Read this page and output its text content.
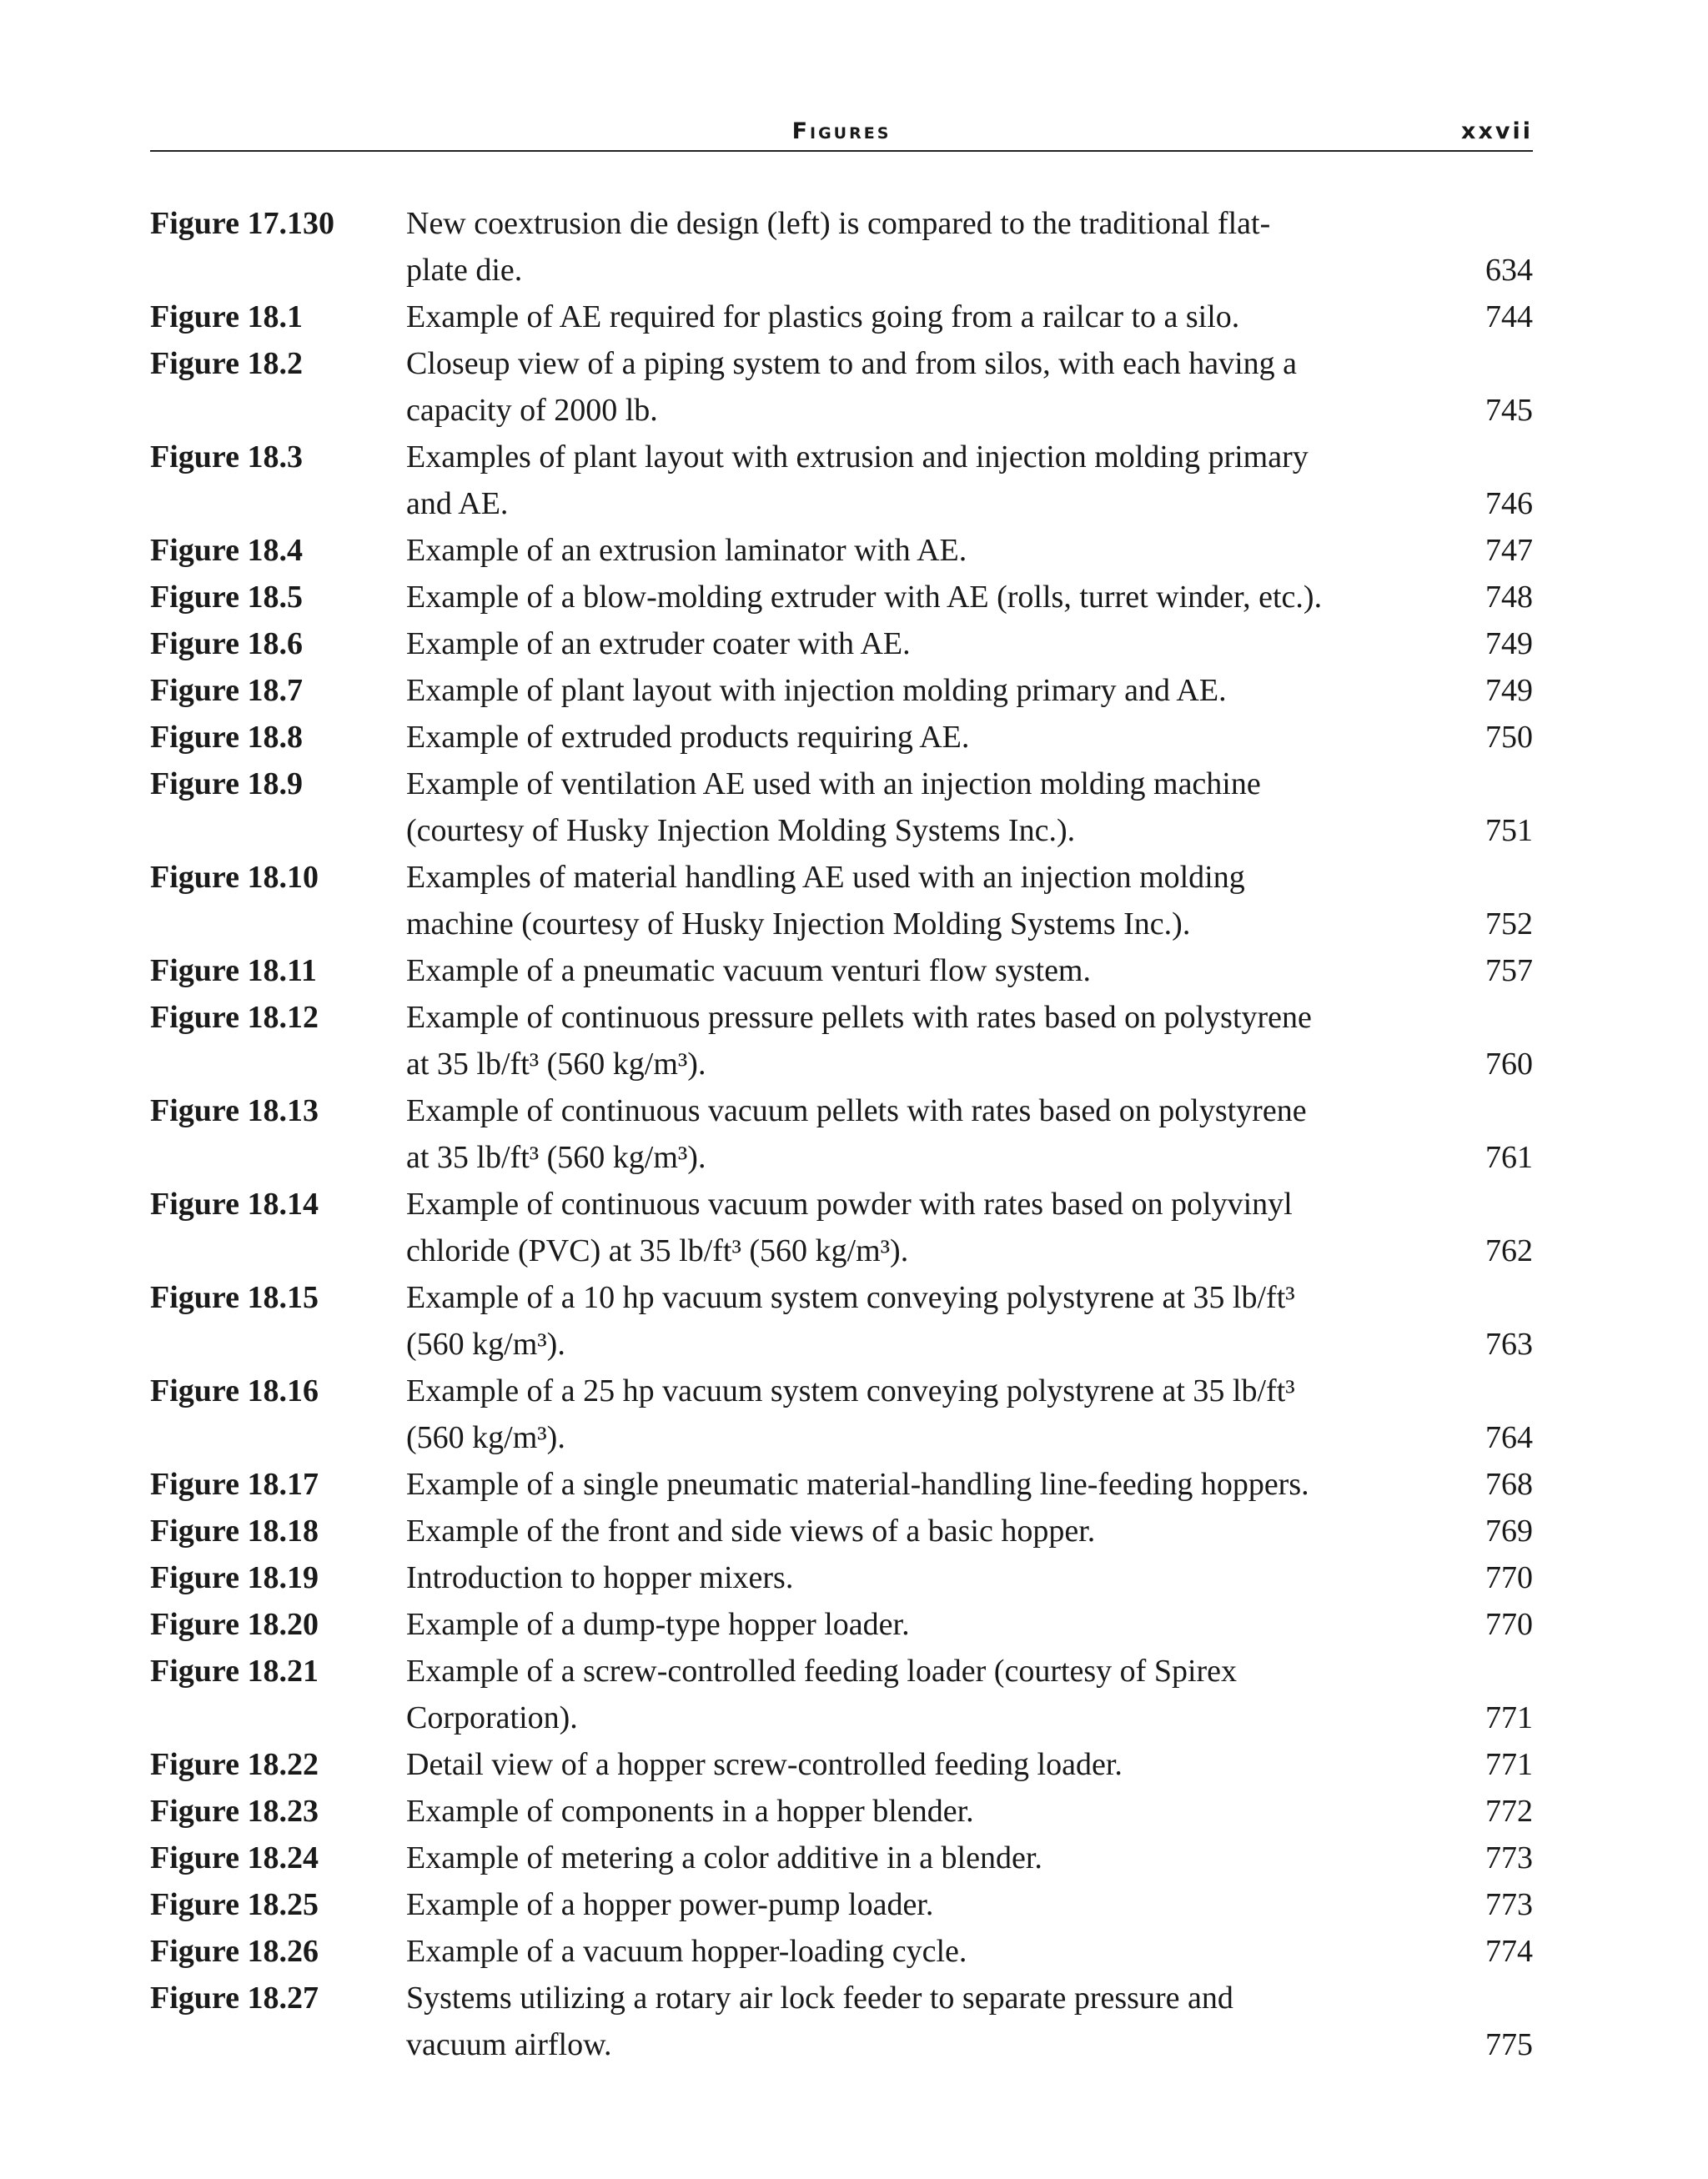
Figures	xxvii
Figure 17.130 New coextrusion die design (left) is compared to the traditional flat-
plate die.	634
Figure 18.1	Example of AE required for plastics going from a railcar to a silo.	744
Figure 18.2	Closeup view of a piping system to and from silos, with each having a
capacity of 2000 lb.	745
Figure 18.3	Examples of plant layout with extrusion and injection molding primary
and AE.	746
Figure 18.4	Example of an extrusion laminator with AE.	747
Figure 18.5	Example of a blow-molding extruder with AE (rolls, turret winder, etc.).	748
Figure 18.6	Example of an extruder coater with AE.	749
Figure 18.7	Example of plant layout with injection molding primary and AE.	749
Figure 18.8	Example of extruded products requiring AE.	750
Figure 18.9	Example of ventilation AE used with an injection molding machine
(courtesy of Husky Injection Molding Systems Inc.).	751
Figure 18.10	Examples of material handling AE used with an injection molding
machine (courtesy of Husky Injection Molding Systems Inc.).	752
Figure 18.11	Example of a pneumatic vacuum venturi flow system.	757
Figure 18.12	Example of continuous pressure pellets with rates based on polystyrene
at 35 lb/ft³ (560 kg/m³).	760
Figure 18.13	Example of continuous vacuum pellets with rates based on polystyrene
at 35 lb/ft³ (560 kg/m³).	761
Figure 18.14	Example of continuous vacuum powder with rates based on polyvinyl
chloride (PVC) at 35 lb/ft³ (560 kg/m³).	762
Figure 18.15	Example of a 10 hp vacuum system conveying polystyrene at 35 lb/ft³
(560 kg/m³).	763
Figure 18.16	Example of a 25 hp vacuum system conveying polystyrene at 35 lb/ft³
(560 kg/m³).	764
Figure 18.17	Example of a single pneumatic material-handling line-feeding hoppers.	768
Figure 18.18	Example of the front and side views of a basic hopper.	769
Figure 18.19	Introduction to hopper mixers.	770
Figure 18.20	Example of a dump-type hopper loader.	770
Figure 18.21	Example of a screw-controlled feeding loader (courtesy of Spirex
Corporation).	771
Figure 18.22	Detail view of a hopper screw-controlled feeding loader.	771
Figure 18.23	Example of components in a hopper blender.	772
Figure 18.24	Example of metering a color additive in a blender.	773
Figure 18.25	Example of a hopper power-pump loader.	773
Figure 18.26	Example of a vacuum hopper-loading cycle.	774
Figure 18.27	Systems utilizing a rotary air lock feeder to separate pressure and
vacuum airflow.	775
